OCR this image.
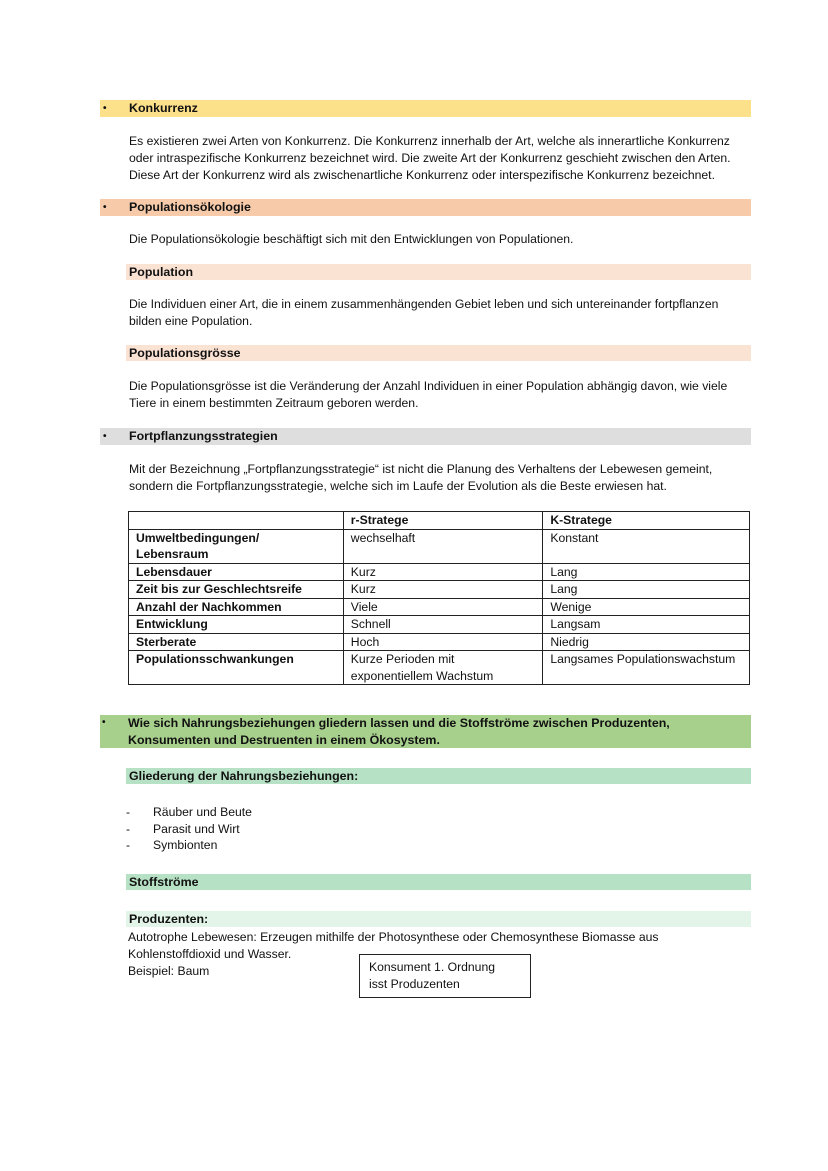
• Konkurrenz
Es existieren zwei Arten von Konkurrenz. Die Konkurrenz innerhalb der Art, welche als innerartliche Konkurrenz
oder intraspezifische Konkurrenz bezeichnet wird. Die zweite Art der Konkurrenz geschieht zwischen den Arten.
Diese Art der Konkurrenz wird als zwischenartliche Konkurrenz oder interspezifische Konkurrenz bezeichnet.
• Populationsökologie
Die Populationsökologie beschäftigt sich mit den Entwicklungen von Populationen.
Population
Die Individuen einer Art, die in einem zusammenhängenden Gebiet leben und sich untereinander fortpflanzen
bilden eine Population.
Populationsgrösse
Die Populationsgrösse ist die Veränderung der Anzahl Individuen in einer Population abhängig davon, wie viele
Tiere in einem bestimmten Zeitraum geboren werden.
• Fortpflanzungsstrategien
Mit der Bezeichnung „Fortpflanzungsstrategie“ ist nicht die Planung des Verhaltens der Lebewesen gemeint,
sondern die Fortpflanzungsstrategie, welche sich im Laufe der Evolution als die Beste erwiesen hat.
	r-Stratege	K-Stratege

Umweltbedingungen/
Lebensraum	wechselhaft	Konstant

Lebensdauer	Kurz	Lang

Zeit bis zur Geschlechtsreife	Kurz	Lang

Anzahl der Nachkommen	Viele	Wenige

Entwicklung	Schnell	Langsam

Sterberate	Hoch	Niedrig

Populationsschwankungen	Kurze Perioden mit
exponentiellem Wachstum	Langsames Populationswachstum
• Wie sich Nahrungsbeziehungen gliedern lassen und die Stoffströme zwischen Produzenten,
Konsumenten und Destruenten in einem Ökosystem.
Gliederung der Nahrungsbeziehungen:
- Räuber und Beute
- Parasit und Wirt
- Symbionten
Stoffströme
Produzenten:
Autotrophe Lebewesen: Erzeugen mithilfe der Photosynthese oder Chemosynthese Biomasse aus
Kohlenstoffdioxid und Wasser.
Beispiel: Baum	Konsument 1. Ordnung
isst Produzenten
